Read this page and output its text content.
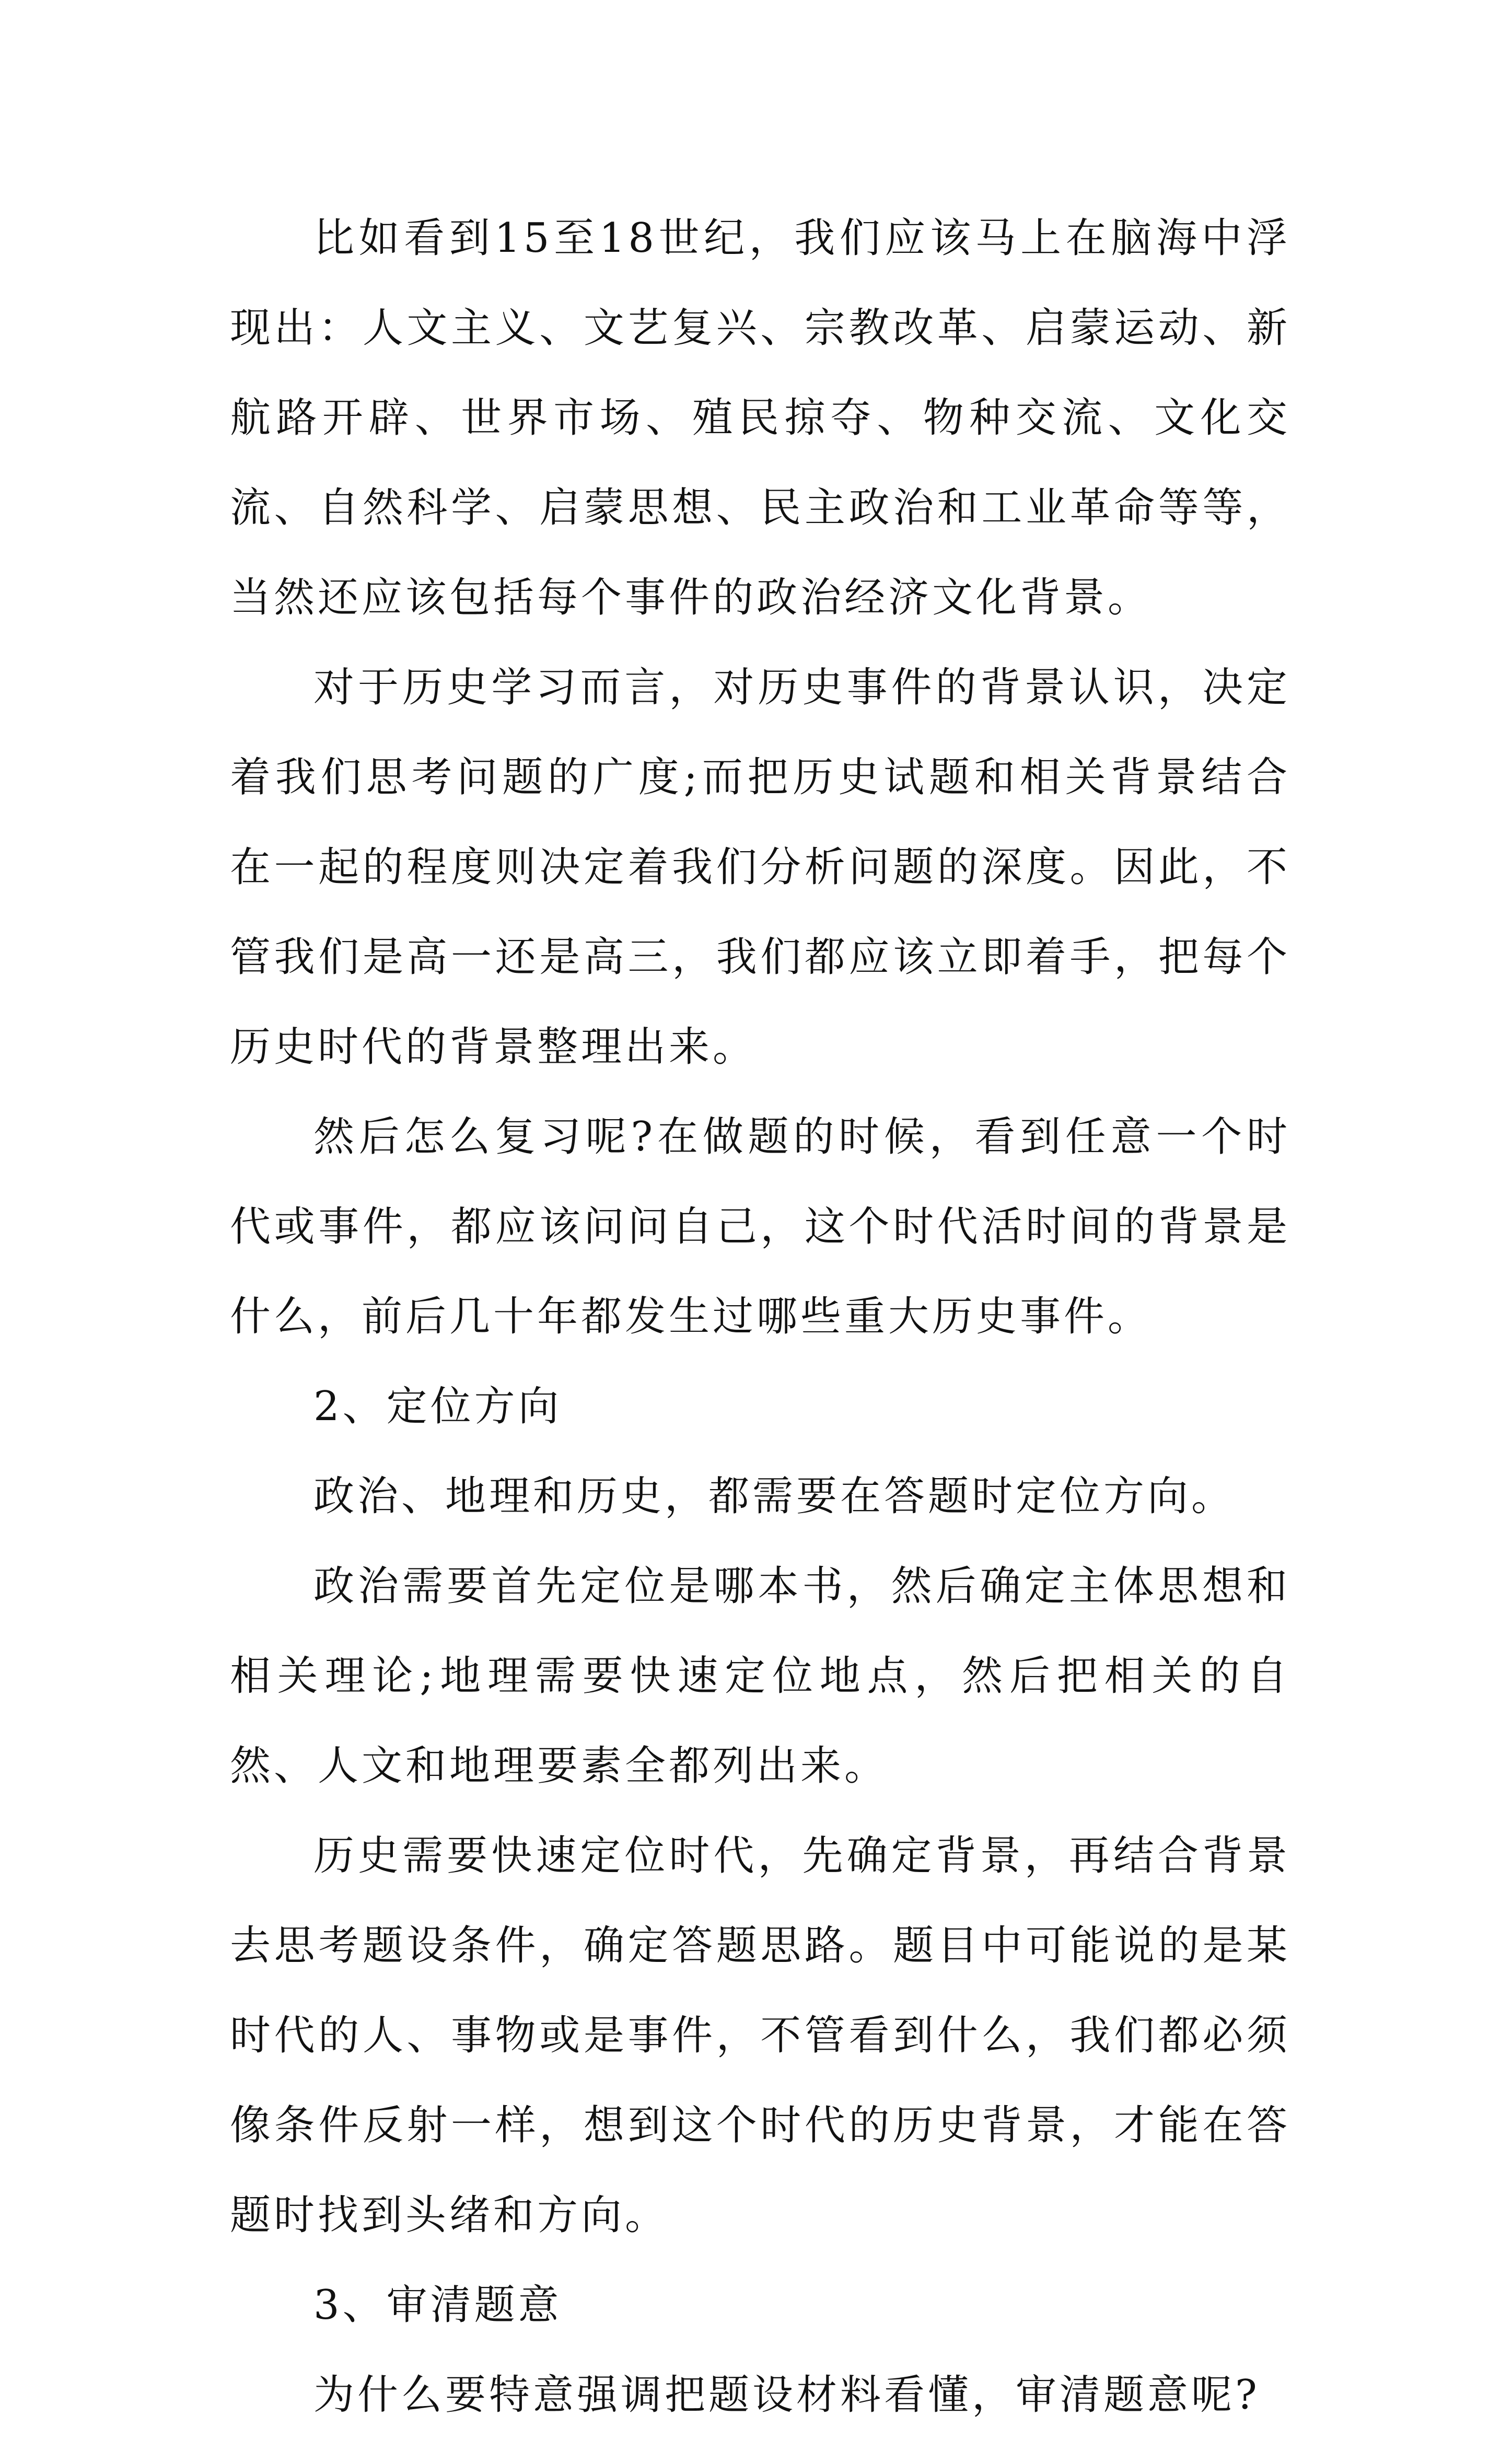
比如看到15至18世纪，我们应该马上在脑海中浮现出：人文主义、文艺复兴、宗教改革、启蒙运动、新航路开辟、世界市场、殖民掠夺、物种交流、文化交流、自然科学、启蒙思想、民主政治和工业革命等等，当然还应该包括每个事件的政治经济文化背景。

对于历史学习而言，对历史事件的背景认识，决定着我们思考问题的广度;而把历史试题和相关背景结合在一起的程度则决定着我们分析问题的深度。因此，不管我们是高一还是高三，我们都应该立即着手，把每个历史时代的背景整理出来。

然后怎么复习呢?在做题的时候，看到任意一个时代或事件，都应该问问自己，这个时代活时间的背景是什么，前后几十年都发生过哪些重大历史事件。

2、定位方向

政治、地理和历史，都需要在答题时定位方向。

政治需要首先定位是哪本书，然后确定主体思想和相关理论;地理需要快速定位地点，然后把相关的自然、人文和地理要素全都列出来。

历史需要快速定位时代，先确定背景，再结合背景去思考题设条件，确定答题思路。题目中可能说的是某时代的人、事物或是事件，不管看到什么，我们都必须像条件反射一样，想到这个时代的历史背景，才能在答题时找到头绪和方向。

3、审清题意

为什么要特意强调把题设材料看懂，审清题意呢?
